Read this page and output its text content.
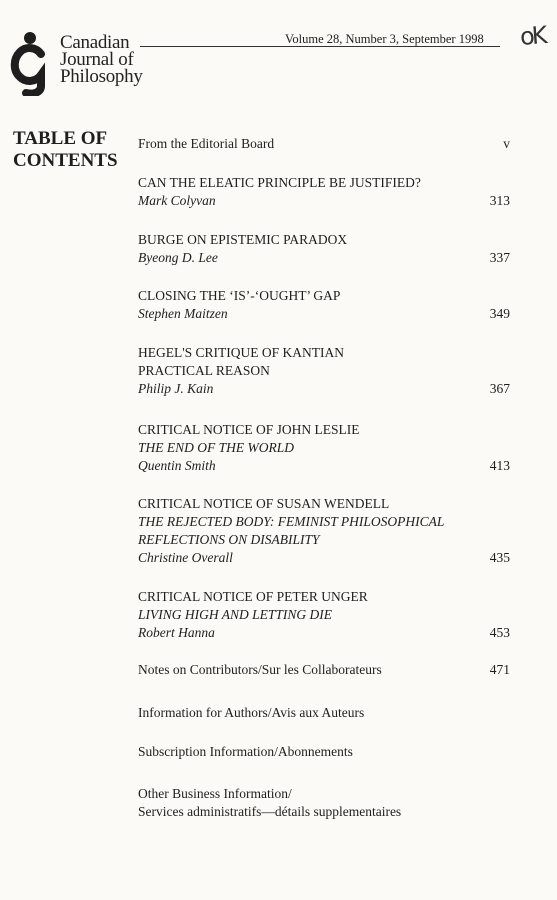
Canadian
Journal of
Philosophy
Volume 28, Number 3, September 1998 oK
TABLE OF
CONTENTS
From the Editorial Board	v
CAN THE ELEATIC PRINCIPLE BE JUSTIFIED?
Mark Colyvan	313
BURGE ON EPISTEMIC PARADOX
Byeong D. Lee	337
CLOSING THE ‘IS’-‘OUGHT’ GAP
Stephen Maitzen	349
HEGEL'S CRITIQUE OF KANTIAN
PRACTICAL REASON
Philip J. Kain	367
CRITICAL NOTICE OF JOHN LESLIE
THE END OF THE WORLD
Quentin Smith	413
CRITICAL NOTICE OF SUSAN WENDELL
THE REJECTED BODY: FEMINIST PHILOSOPHICAL
REFLECTIONS ON DISABILITY
Christine Overall	435
CRITICAL NOTICE OF PETER UNGER
LIVING HIGH AND LETTING DIE
Robert Hanna	453
Notes on Contributors/Sur les Collaborateurs	471
Information for Authors/Avis aux Auteurs
Subscription Information/Abonnements
Other Business Information/
Services administratifs—détails supplementaires
